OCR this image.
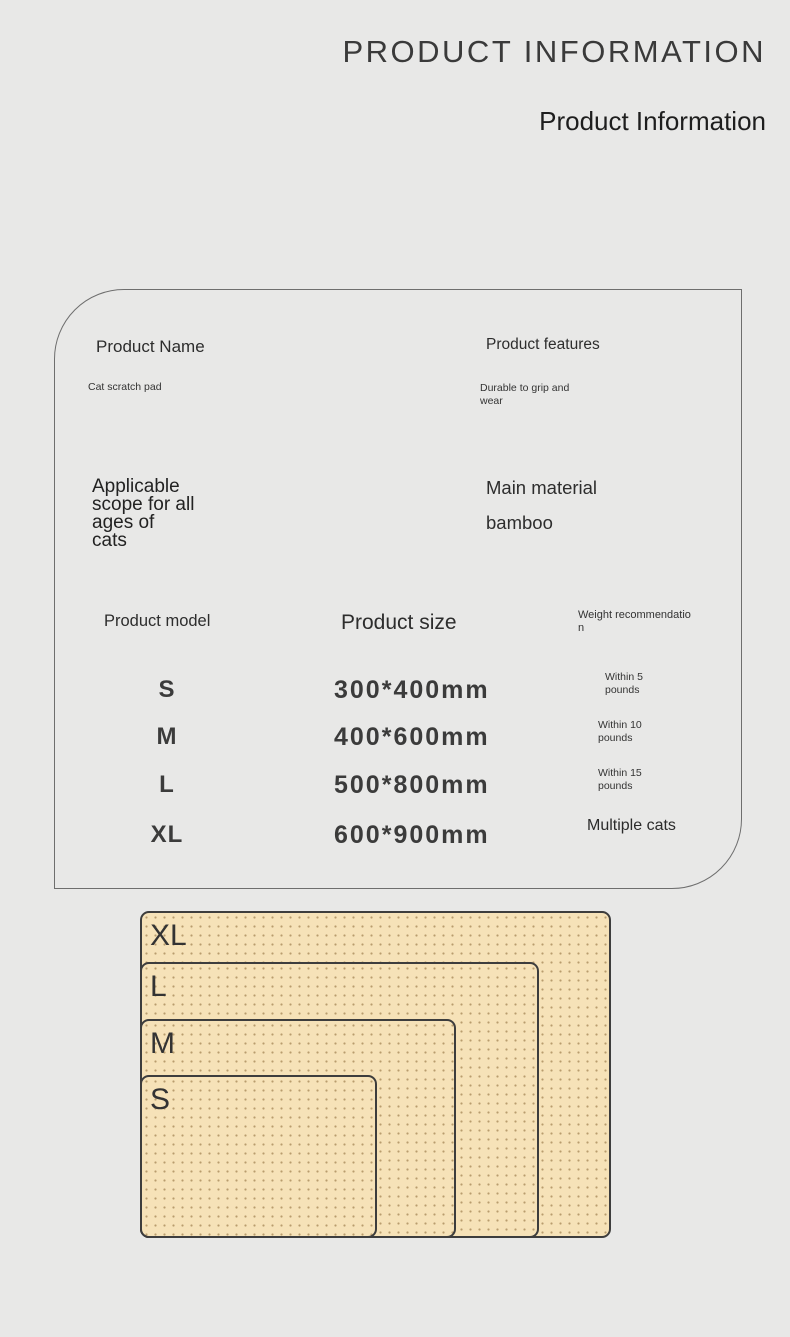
PRODUCT INFORMATION
Product Information
Product Name
Cat scratch pad
Product features
Durable to grip and
wear
Applicable
scope for all
ages of
cats
Main material
bamboo
Product model	Product size	Weight recommendatio
n
S	300*400mm	Within 5
pounds
M	400*600mm	Within 10
pounds
L	500*800mm	Within 15
pounds
XL	600*900mm	Multiple cats
XL
L
M
S
